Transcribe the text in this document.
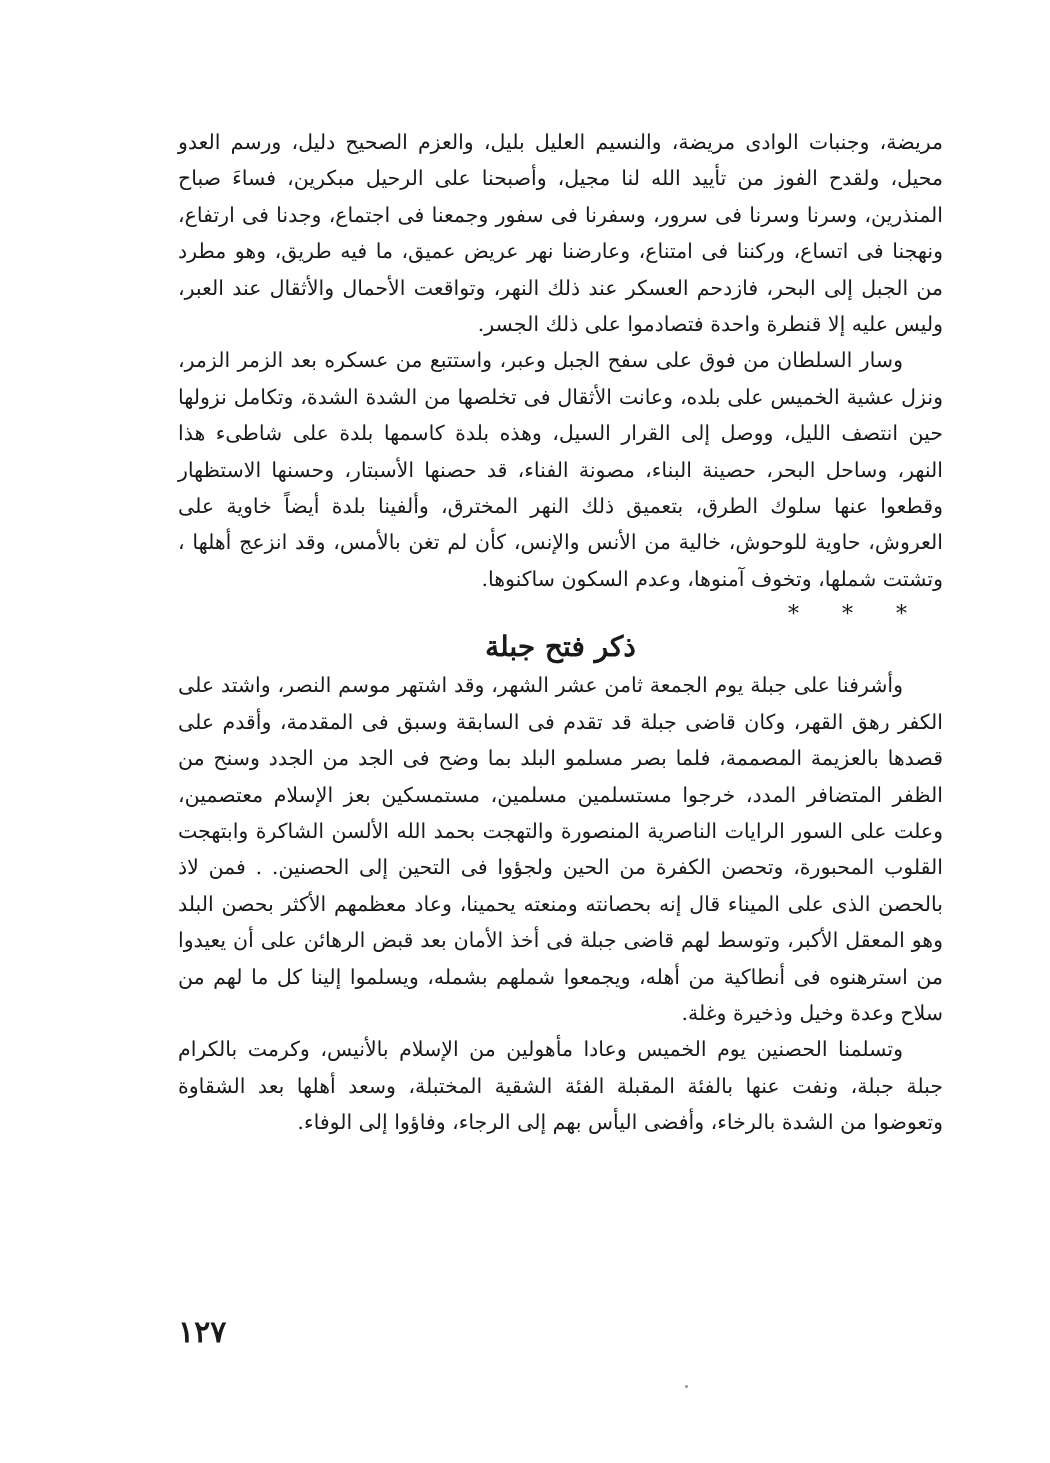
مريضة، وجنبات الوادى مريضة، والنسيم العليل بليل، والعزم الصحيح دليل، ورسم العدو محيل، ولقدح الفوز من تأييد الله لنا مجيل، وأصبحنا على الرحيل مبكرين، فساءَ صباح المنذرين، وسرنا وسرنا فى سرور، وسفرنا فى سفور وجمعنا فى اجتماع، وجدنا فى ارتفاع، ونهجنا فى اتساع، وركننا فى امتناع، وعارضنا نهر عريض عميق، ما فيه طريق، وهو مطرد من الجبل إلى البحر، فازدحم العسكر عند ذلك النهر، وتواقعت الأحمال والأثقال عند العبر، وليس عليه إلا قنطرة واحدة فتصادموا على ذلك الجسر.

وسار السلطان من فوق على سفح الجبل وعبر، واستتبع من عسكره بعد الزمر الزمر، ونزل عشية الخميس على بلده، وعانت الأثقال فى تخلصها من الشدة الشدة، وتكامل نزولها حين انتصف الليل، ووصل إلى القرار السيل، وهذه بلدة كاسمها بلدة على شاطىء هذا النهر، وساحل البحر، حصينة البناء، مصونة الفناء، قد حصنها الأسبتار، وحسنها الاستظهار وقطعوا عنها سلوك الطرق، بتعميق ذلك النهر المخترق، وألفينا بلدة أيضاً خاوية على العروش، حاوية للوحوش، خالية من الأنس والإنس، كأن لم تغن بالأمس، وقد انزعج أهلها ، وتشتت شملها، وتخوف آمنوها، وعدم السكون ساكنوها.

* * *
ذكر فتح جبلة

وأشرفنا على جبلة يوم الجمعة ثامن عشر الشهر، وقد اشتهر موسم النصر، واشتد على الكفر رهق القهر، وكان قاضى جبلة قد تقدم فى السابقة وسبق فى المقدمة، وأقدم على قصدها بالعزيمة المصممة، فلما بصر مسلمو البلد بما وضح فى الجد من الجدد وسنح من الظفر المتضافر المدد، خرجوا مستسلمين مسلمين، مستمسكين بعز الإسلام معتصمين، وعلت على السور الرايات الناصرية المنصورة والتهجت بحمد الله الألسن الشاكرة وابتهجت القلوب المحبورة، وتحصن الكفرة من الحين ولجؤوا فى التحين إلى الحصنين. . فمن لاذ بالحصن الذى على الميناء قال إنه بحصانته ومنعته يحمينا، وعاد معظمهم الأكثر بحصن البلد وهو المعقل الأكبر، وتوسط لهم قاضى جبلة فى أخذ الأمان بعد قبض الرهائن على أن يعيدوا من استرهنوه فى أنطاكية من أهله، ويجمعوا شملهم بشمله، ويسلموا إلينا كل ما لهم من سلاح وعدة وخيل وذخيرة وغلة.

وتسلمنا الحصنين يوم الخميس وعادا مأهولين من الإسلام بالأنيس، وكرمت بالكرام جبلة جبلة، ونفت عنها بالفئة المقبلة الفئة الشقية المختبلة، وسعد أهلها بعد الشقاوة وتعوضوا من الشدة بالرخاء، وأفضى اليأس بهم إلى الرجاء، وفاؤوا إلى الوفاء.

١٢٧
